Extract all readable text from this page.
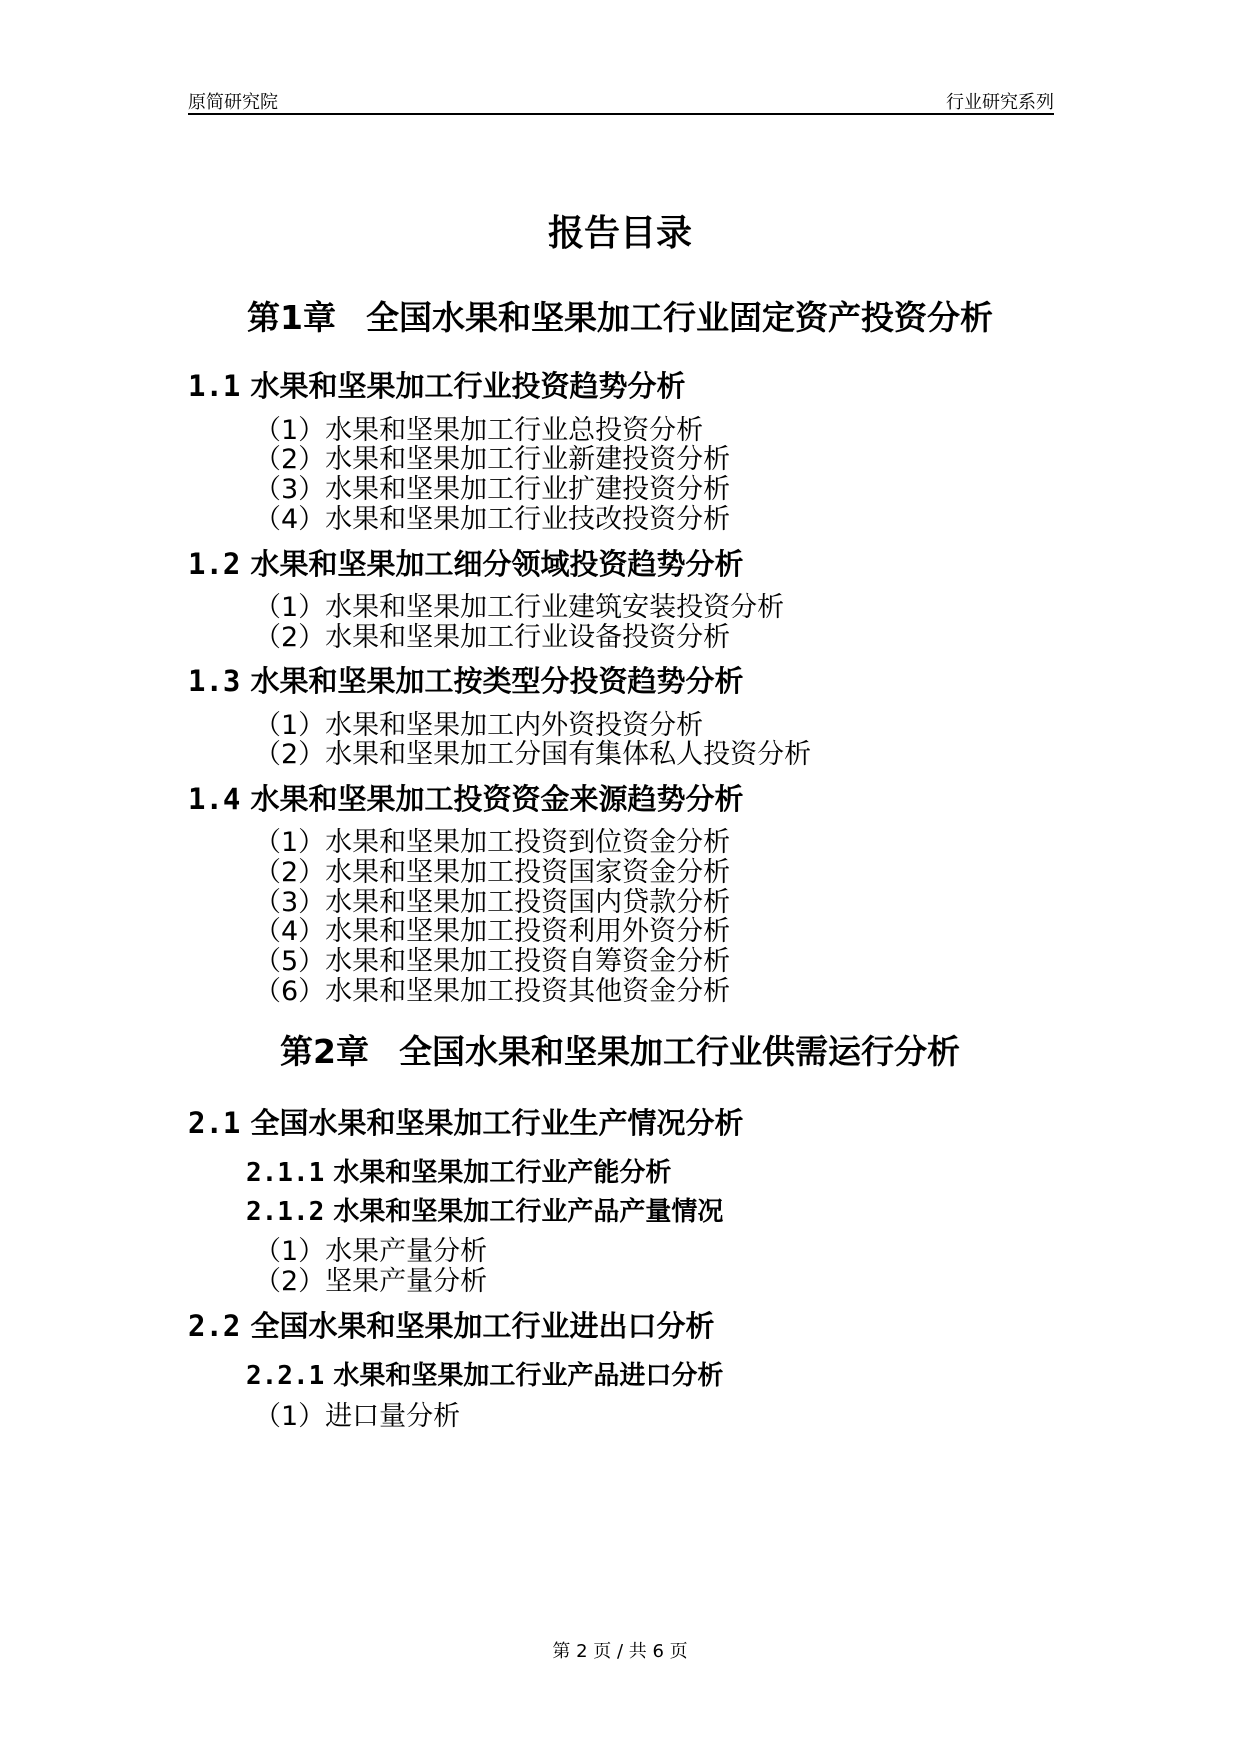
原简研究院	行业研究系列
报告目录
第1章 全国水果和坚果加工行业固定资产投资分析
1.1 水果和坚果加工行业投资趋势分析
（1）水果和坚果加工行业总投资分析
（2）水果和坚果加工行业新建投资分析
（3）水果和坚果加工行业扩建投资分析
（4）水果和坚果加工行业技改投资分析
1.2 水果和坚果加工细分领域投资趋势分析
（1）水果和坚果加工行业建筑安装投资分析
（2）水果和坚果加工行业设备投资分析
1.3 水果和坚果加工按类型分投资趋势分析
（1）水果和坚果加工内外资投资分析
（2）水果和坚果加工分国有集体私人投资分析
1.4 水果和坚果加工投资资金来源趋势分析
（1）水果和坚果加工投资到位资金分析
（2）水果和坚果加工投资国家资金分析
（3）水果和坚果加工投资国内贷款分析
（4）水果和坚果加工投资利用外资分析
（5）水果和坚果加工投资自筹资金分析
（6）水果和坚果加工投资其他资金分析
第2章 全国水果和坚果加工行业供需运行分析
2.1 全国水果和坚果加工行业生产情况分析
2.1.1 水果和坚果加工行业产能分析
2.1.2 水果和坚果加工行业产品产量情况
（1）水果产量分析
（2）坚果产量分析
2.2 全国水果和坚果加工行业进出口分析
2.2.1 水果和坚果加工行业产品进口分析
（1）进口量分析
第 2 页 / 共 6 页
